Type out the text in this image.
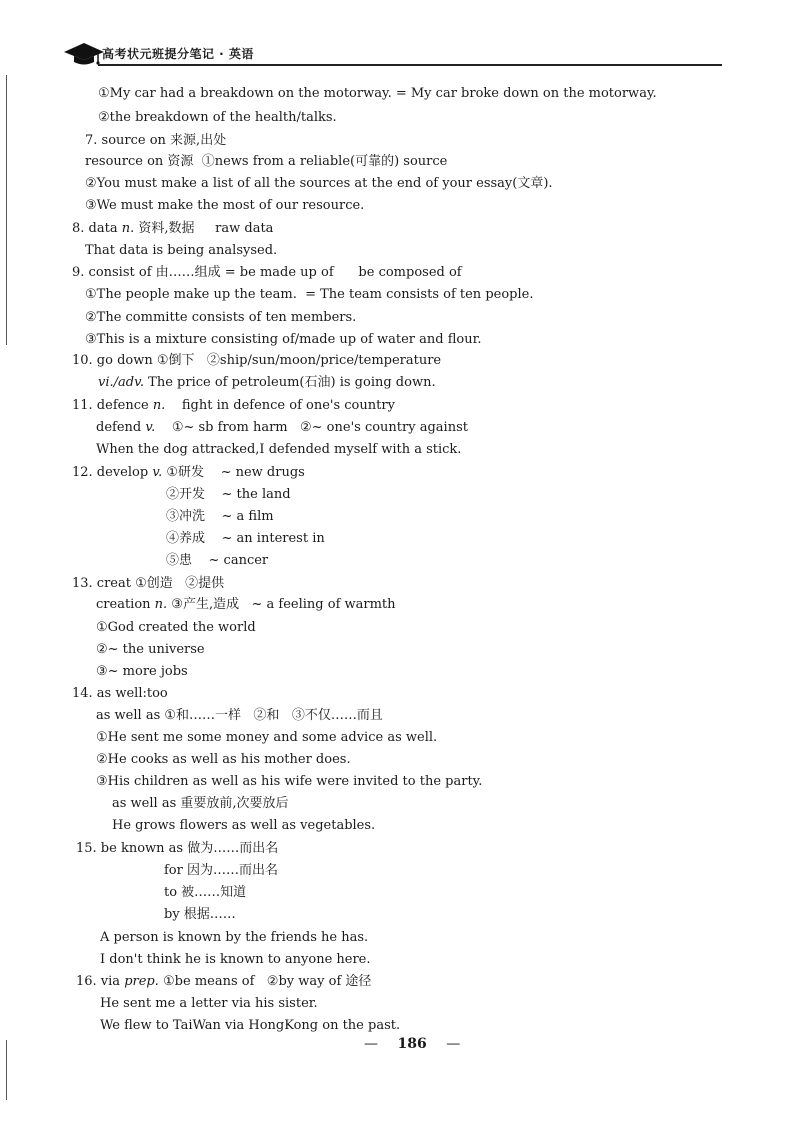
高考状元班提分笔记 · 英语
①My car had a breakdown on the motorway. = My car broke down on the motorway.
②the breakdown of the health/talks.
7. source on 来源,出处
resource on 资源  ①news from a reliable(可靠的) source
②You must make a list of all the sources at the end of your essay(文章).
③We must make the most of our resource.
8. data n. 资料,数据     raw data
That data is being analsysed.
9. consist of 由……组成 = be made up of      be composed of
①The people make up the team.  = The team consists of ten people.
②The committe consists of ten members.
③This is a mixture consisting of/made up of water and flour.
10. go down ①倒下   ②ship/sun/moon/price/temperature
vi./adv. The price of petroleum(石油) is going down.
11. defence n.    fight in defence of one's country
defend v.    ①~ sb from harm   ②~ one's country against
When the dog attracked,I defended myself with a stick.
12. develop v. ①研发    ~ new drugs
②开发    ~ the land
③冲洗    ~ a film
④养成    ~ an interest in
⑤患    ~ cancer
13. creat ①创造   ②提供
creation n. ③产生,造成   ~ a feeling of warmth
①God created the world
②~ the universe
③~ more jobs
14. as well:too
as well as ①和……一样   ②和   ③不仅……而且
①He sent me some money and some advice as well.
②He cooks as well as his mother does.
③His children as well as his wife were invited to the party.
as well as 重要放前,次要放后
He grows flowers as well as vegetables.
15. be known as 做为……而出名
for 因为……而出名
to 被……知道
by 根据……
A person is known by the friends he has.
I don't think he is known to anyone here.
16. via prep. ①be means of   ②by way of 途径
He sent me a letter via his sister.
We flew to TaiWan via HongKong on the past.
— 186 —
